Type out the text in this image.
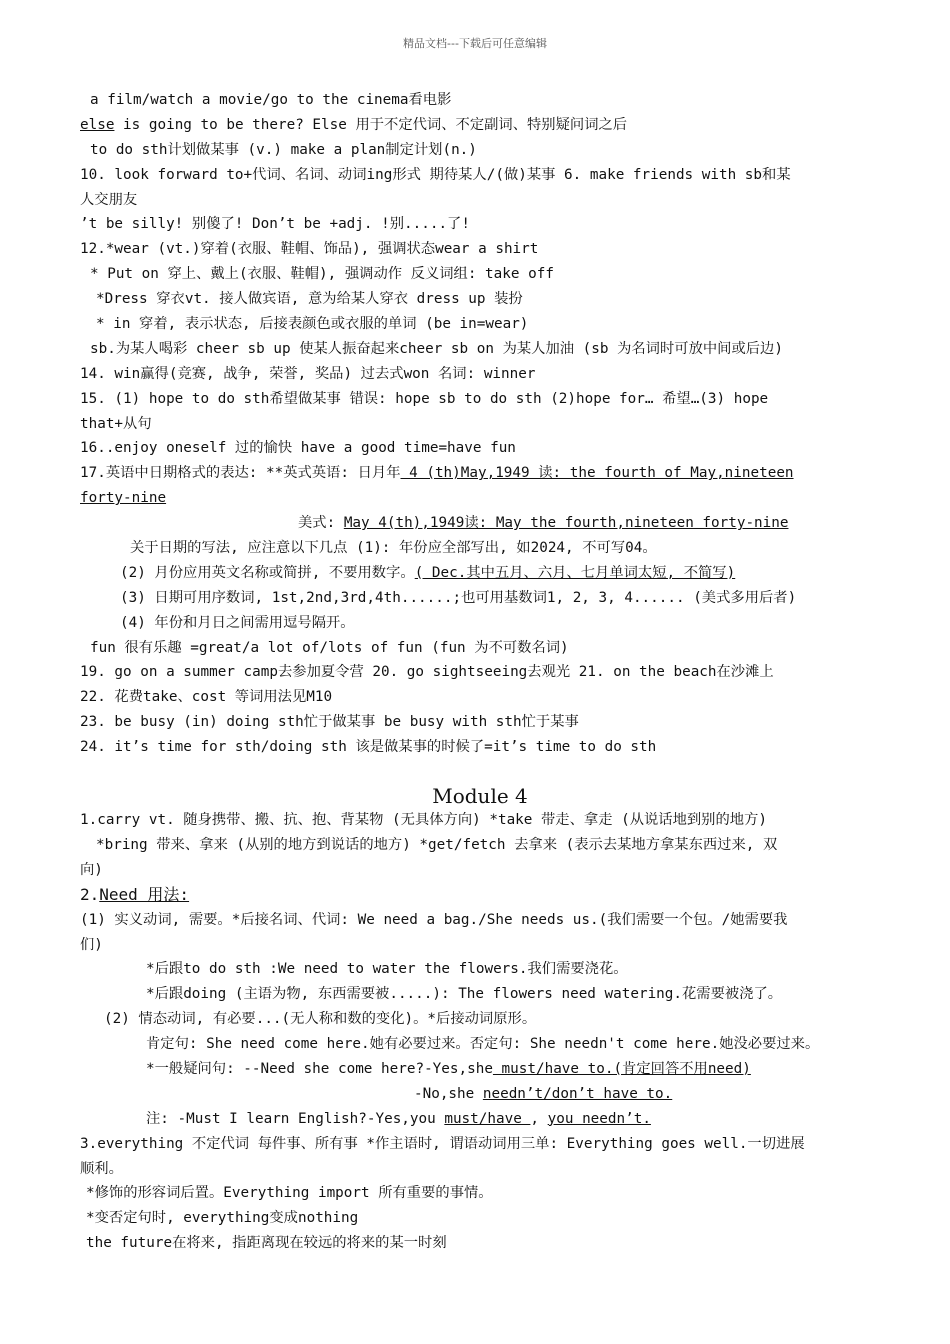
精品文档---下载后可任意编辑
a film/watch a movie/go to the cinema看电影
else is going to be there? Else 用于不定代词、不定副词、特别疑问词之后
to do sth计划做某事 (v.) make a plan制定计划(n.)
10. look forward to+代词、名词、动词ing形式 期待某人/(做)某事 6. make friends with sb和某
人交朋友
’t be silly! 别傻了! Don’t be +adj. !别.....了!
12.*wear (vt.)穿着(衣服、鞋帽、饰品), 强调状态wear a shirt
* Put on 穿上、戴上(衣服、鞋帽), 强调动作 反义词组: take off
*Dress 穿衣vt. 接人做宾语, 意为给某人穿衣 dress up 装扮
* in 穿着, 表示状态, 后接表颜色或衣服的单词 (be in=wear)
sb.为某人喝彩 cheer sb up 使某人振奋起来cheer sb on 为某人加油 (sb 为名词时可放中间或后边)
14. win赢得(竞赛, 战争, 荣誉, 奖品) 过去式won 名词: winner
15. (1) hope to do sth希望做某事 错误: hope sb to do sth (2)hope for… 希望…(3) hope
that+从句
16..enjoy oneself 过的愉快 have a good time=have fun
17.英语中日期格式的表达: **英式英语: 日月年 4 (th)May,1949 读: the fourth of May,nineteen
forty-nine
美式: May 4(th),1949读: May the fourth,nineteen forty-nine
关于日期的写法, 应注意以下几点 (1): 年份应全部写出, 如2024, 不可写04。
(2) 月份应用英文名称或简拼, 不要用数字。( Dec.其中五月、六月、七月单词太短, 不简写)
(3) 日期可用序数词, 1st,2nd,3rd,4th......;也可用基数词1, 2, 3, 4...... (美式多用后者)
(4) 年份和月日之间需用逗号隔开。
fun 很有乐趣 =great/a lot of/lots of fun (fun 为不可数名词)
19. go on a summer camp去参加夏令营 20. go sightseeing去观光 21. on the beach在沙滩上
22. 花费take、cost 等词用法见M10
23. be busy (in) doing sth忙于做某事 be busy with sth忙于某事
24. it’s time for sth/doing sth 该是做某事的时候了=it’s time to do sth
Module 4
1.carry vt. 随身携带、搬、抗、抱、背某物 (无具体方向) *take 带走、拿走 (从说话地到别的地方)
*bring 带来、拿来 (从别的地方到说话的地方) *get/fetch 去拿来 (表示去某地方拿某东西过来, 双
向)
2.Need 用法:
(1) 实义动词, 需要。*后接名词、代词: We need a bag./She needs us.(我们需要一个包。/她需要我
们)
*后跟to do sth :We need to water the flowers.我们需要浇花。
*后跟doing (主语为物, 东西需要被.....): The flowers need watering.花需要被浇了。
(2) 情态动词, 有必要...(无人称和数的变化)。*后接动词原形。
肯定句: She need come here.她有必要过来。否定句: She needn't come here.她没必要过来。
*一般疑问句: --Need she come here?-Yes,she must/have to.(肯定回答不用need)
-No,she needn’t/don’t have to.
注: -Must I learn English?-Yes,you must/have , you needn’t.
3.everything 不定代词 每件事、所有事 *作主语时, 谓语动词用三单: Everything goes well.一切进展
顺利。
*修饰的形容词后置。Everything import 所有重要的事情。
*变否定句时, everything变成nothing
the future在将来, 指距离现在较远的将来的某一时刻
